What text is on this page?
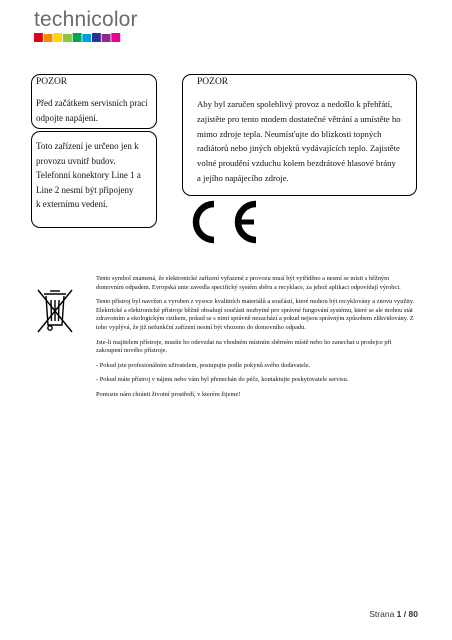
technicolor
POZOR
Před začátkem servisních prací
odpojte napájení.
Toto zařízení je určeno jen k
provozu uvnitř budov.
Telefonní konektory Line 1 a
Line 2 nesmí být připojeny
k externímu vedení.
POZOR
Aby byl zaručen spolehlivý provoz a nedošlo k přehřátí,
zajistěte pro tento modem dostatečné větrání a umístěte ho
mimo zdroje tepla. Neumísťujte do blízkosti topných
radiátorů nebo jiných objektů vydávajících teplo. Zajistěte
volné proudění vzduchu kolem bezdrátové hlasové brány
a jejího napájecího zdroje.

Tento symbol znamená, že elektronické zařízení vyřazené z provozu musí být vytříděno a nesmí se mísit s běžným domovním odpadem. Evropská unie zavedla specifický systém sběru a recyklace, za jehož aplikaci odpovídají výrobci.

Tento přístroj byl navržen a vyroben z vysoce kvalitních materiálů a součástí, které mohou být recyklovány a znovu využity. Elektrické a elektronické přístroje běžně obsahují součásti nezbytné pro správné fungování systému, které se ale mohou stát zdravotním a ekologickým rizikem, pokud se s nimi správně nezachází a pokud nejsou správným způsobem zlikvidovány. Z toho vyplývá, že již nefunkční zařízení nesmí být vhozeno do domovního odpadu.

Jste-li majitelem přístroje, musíte ho odevzdat na vhodném místním sběrném místě nebo ho zanechat u prodejce při zakoupení nového přístroje.

- Pokud jste profesionálním uživatelem, postupujte podle pokynů svého dodavatele.

- Pokud máte přístroj v nájmu nebo vám byl přenechán do péče, kontaktujte poskytovatele servisu.

Pomozte nám chránit životní prostředí, v kterém žijeme!

Strana 1 / 80
